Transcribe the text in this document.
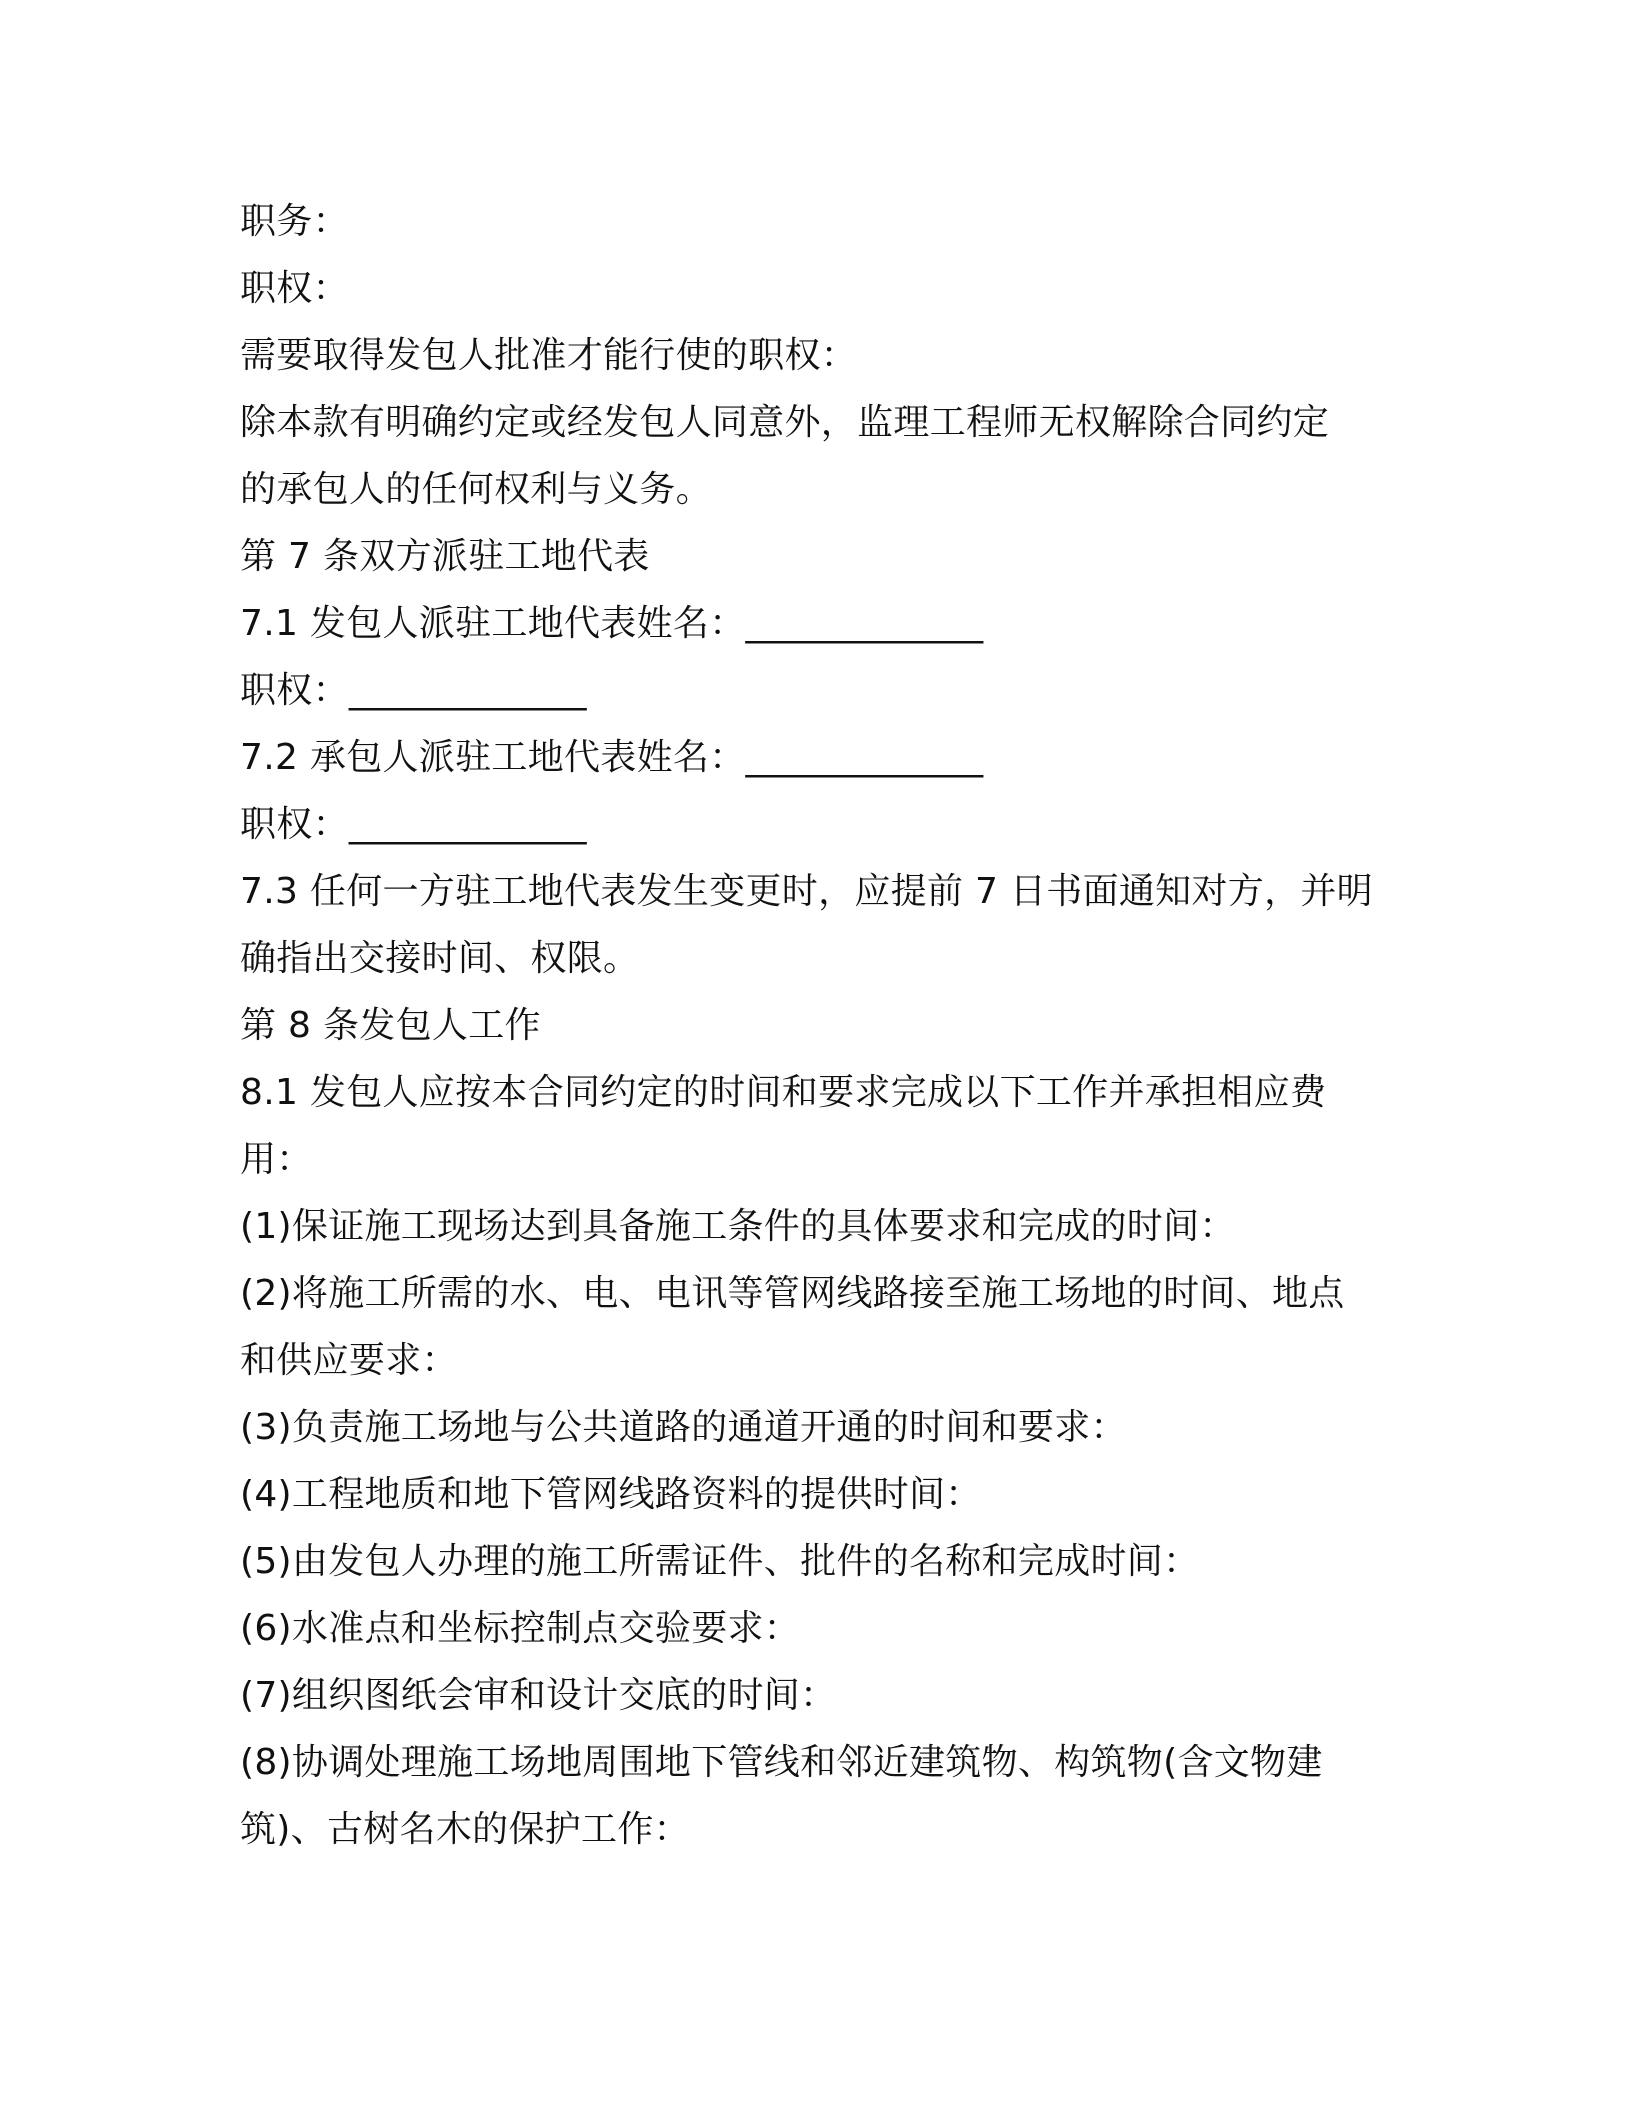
职务：
职权：
需要取得发包人批准才能行使的职权：
除本款有明确约定或经发包人同意外，监理工程师无权解除合同约定
的承包人的任何权利与义务。
第 7 条双方派驻工地代表
7.1 发包人派驻工地代表姓名：_____________
职权：_____________
7.2 承包人派驻工地代表姓名：_____________
职权：_____________
7.3 任何一方驻工地代表发生变更时，应提前 7 日书面通知对方，并明
确指出交接时间、权限。
第 8 条发包人工作
8.1 发包人应按本合同约定的时间和要求完成以下工作并承担相应费
用：
(1)保证施工现场达到具备施工条件的具体要求和完成的时间：
(2)将施工所需的水、电、电讯等管网线路接至施工场地的时间、地点
和供应要求：
(3)负责施工场地与公共道路的通道开通的时间和要求：
(4)工程地质和地下管网线路资料的提供时间：
(5)由发包人办理的施工所需证件、批件的名称和完成时间：
(6)水准点和坐标控制点交验要求：
(7)组织图纸会审和设计交底的时间：
(8)协调处理施工场地周围地下管线和邻近建筑物、构筑物(含文物建
筑)、古树名木的保护工作：
